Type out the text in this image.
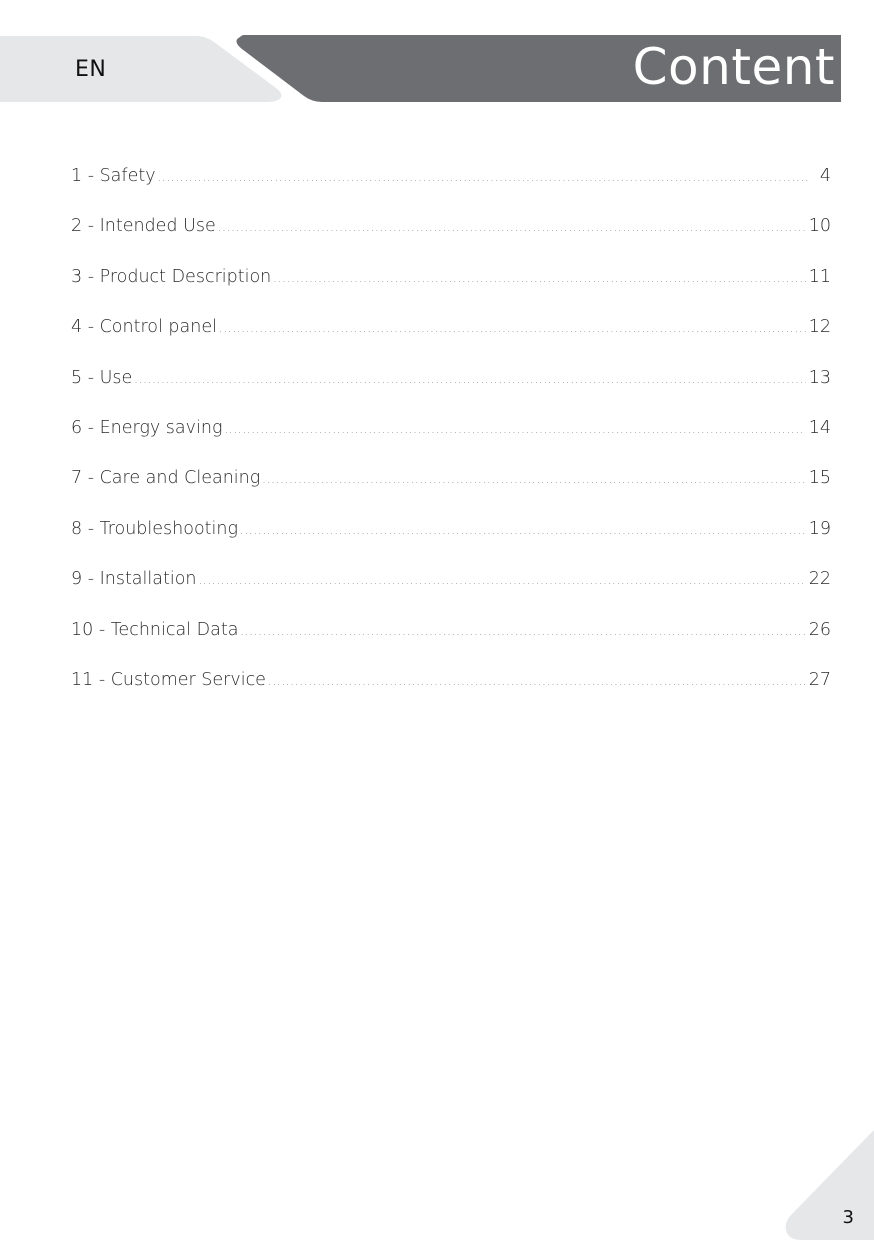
EN	Content
1 - Safety .....	4
2 - Intended Use .....	10
3 - Product Description .....	11
4 - Control panel .....	12
5 - Use .....	13
6 - Energy saving .....	14
7 - Care and Cleaning .....	15
8 - Troubleshooting .....	19
9 - Installation .....	22
10 - Technical Data .....	26
11 - Customer Service .....	27
3
